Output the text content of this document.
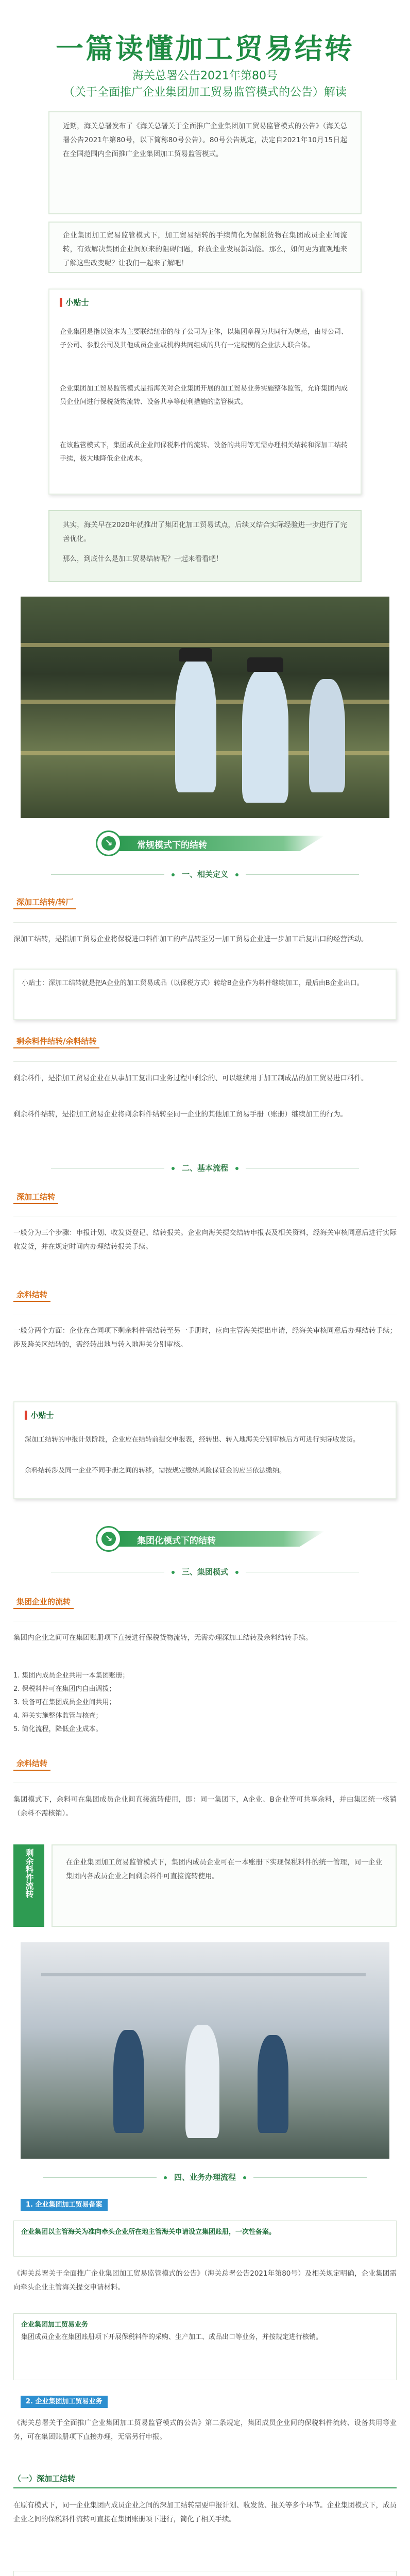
一篇读懂加工贸易结转
海关总署公告2021年第80号
（关于全面推广企业集团加工贸易监管模式的公告）解读
近期，海关总署发布了《海关总署关于全面推广企业集团加工贸易监管模式的公告》（海关总署公告2021年第80号，以下简称80号公告）。80号公告规定，决定自2021年10月15日起在全国范围内全面推广企业集团加工贸易监管模式。
企业集团加工贸易监管模式下，加工贸易结转的手续简化为保税货物在集团成员企业间流转，有效解决集团企业间原来的阻碍问题，释放企业发展新动能。那么，如何更为直观地来了解这些改变呢？让我们一起来了解吧！
▍小贴士
企业集团是指以资本为主要联结纽带的母子公司为主体，以集团章程为共同行为规范，由母公司、子公司、参股公司及其他成员企业或机构共同组成的具有一定规模的企业法人联合体。
企业集团加工贸易监管模式是指海关对企业集团开展的加工贸易业务实施整体监管，允许集团内成员企业间进行保税货物流转、设备共享等便利措施的监管模式。
在该监管模式下，集团成员企业间保税料件的流转、设备的共用等无需办理相关结转和深加工结转手续，极大地降低企业成本。
其实，海关早在2020年就推出了集团化加工贸易试点，后续又结合实际经验进一步进行了完善优化。
那么，到底什么是加工贸易结转呢？一起来看看吧！
↘	常规模式下的结转
一、相关定义
深加工结转/转厂
深加工结转，是指加工贸易企业将保税进口料件加工的产品转至另一加工贸易企业进一步加工后复出口的经营活动。
小贴士：深加工结转就是把A企业的加工贸易成品（以保税方式）转给B企业作为料件继续加工，最后由B企业出口。
剩余料件结转/余料结转
剩余料件，是指加工贸易企业在从事加工复出口业务过程中剩余的、可以继续用于加工制成品的加工贸易进口料件。
剩余料件结转，是指加工贸易企业将剩余料件结转至同一企业的其他加工贸易手册（账册）继续加工的行为。
二、基本流程
深加工结转
一般分为三个步骤：申报计划、收发货登记、结转报关。企业向海关提交结转申报表及相关资料，经海关审核同意后进行实际收发货，并在规定时间内办理结转报关手续。
余料结转
一般分两个方面：企业在合同项下剩余料件需结转至另一手册时，应向主管海关提出申请，经海关审核同意后办理结转手续；涉及跨关区结转的，需经转出地与转入地海关分别审核。
▍小贴士
深加工结转的申报计划阶段，企业应在结转前提交申报表，经转出、转入地海关分别审核后方可进行实际收发货。
余料结转涉及同一企业不同手册之间的转移，需按规定缴纳风险保证金的应当依法缴纳。
↘	集团化模式下的结转
三、集团模式
集团企业的流转
集团内企业之间可在集团账册项下直接进行保税货物流转，无需办理深加工结转及余料结转手续。
1. 集团内成员企业共用一本集团账册；
2. 保税料件可在集团内自由调拨；
3. 设备可在集团成员企业间共用；
4. 海关实施整体监管与核查；
5. 简化流程，降低企业成本。
余料结转
集团模式下，余料可在集团成员企业间直接流转使用，即：同一集团下，A企业、B企业等可共享余料，并由集团统一核销（余料不需核销）。
剩余料件流转	在企业集团加工贸易监管模式下，集团内成员企业可在一本账册下实现保税料件的统一管理，同一企业集团内各成员企业之间剩余料件可直接流转使用。
四、业务办理流程
1. 企业集团加工贸易备案
企业集团以主管海关为准向牵头企业所在地主管海关申请设立集团账册，一次性备案。
《海关总署关于全面推广企业集团加工贸易监管模式的公告》（海关总署公告2021年第80号）及相关规定明确，企业集团需向牵头企业主管海关提交申请材料。
企业集团加工贸易业务
集团成员企业在集团账册项下开展保税料件的采购、生产加工、成品出口等业务，并按规定进行核销。
2. 企业集团加工贸易业务
《海关总署关于全面推广企业集团加工贸易监管模式的公告》第二条规定，集团成员企业间的保税料件流转、设备共用等业务，可在集团账册项下直接办理，无需另行申报。
（一）深加工结转
在原有模式下，同一企业集团内成员企业之间的深加工结转需要申报计划、收发货、报关等多个环节。企业集团模式下，成员企业之间的保税料件流转可直接在集团账册项下进行，简化了相关手续。
